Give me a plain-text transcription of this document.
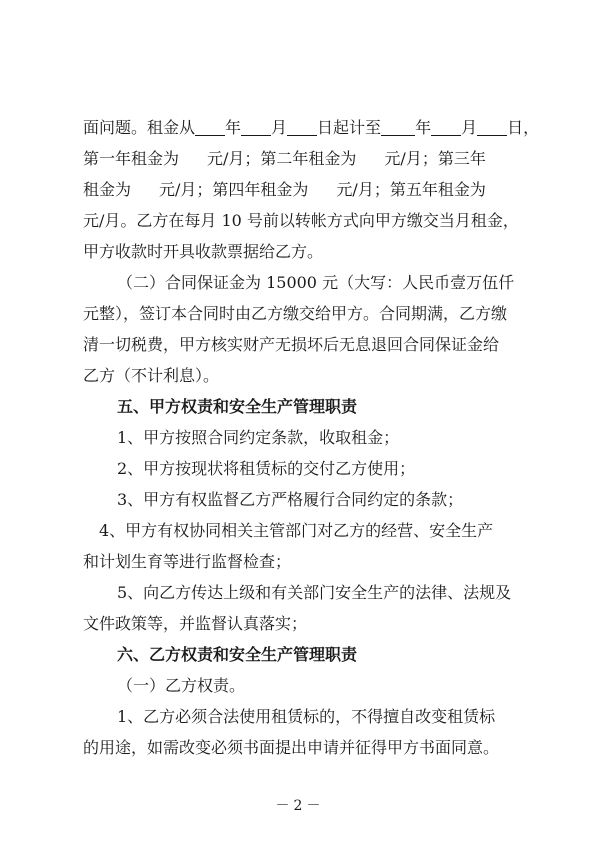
面问题。租金从 年 月 日起计至 年 月 日，
第一年租金为 元/月；第二年租金为 元/月；第三年
租金为 元/月；第四年租金为 元/月；第五年租金为
元/月。乙方在每月 10 号前以转帐方式向甲方缴交当月租金，
甲方收款时开具收款票据给乙方。
（二）合同保证金为 15000 元（大写：人民币壹万伍仟
元整），签订本合同时由乙方缴交给甲方。合同期满，乙方缴
清一切税费，甲方核实财产无损坏后无息退回合同保证金给
乙方（不计利息）。
五、甲方权责和安全生产管理职责
1、甲方按照合同约定条款，收取租金；
2、甲方按现状将租赁标的交付乙方使用；
3、甲方有权监督乙方严格履行合同约定的条款；
4、甲方有权协同相关主管部门对乙方的经营、安全生产
和计划生育等进行监督检查；
5、向乙方传达上级和有关部门安全生产的法律、法规及
文件政策等，并监督认真落实；
六、乙方权责和安全生产管理职责
（一）乙方权责。
1、乙方必须合法使用租赁标的，不得擅自改变租赁标
的用途，如需改变必须书面提出申请并征得甲方书面同意。
－2－
